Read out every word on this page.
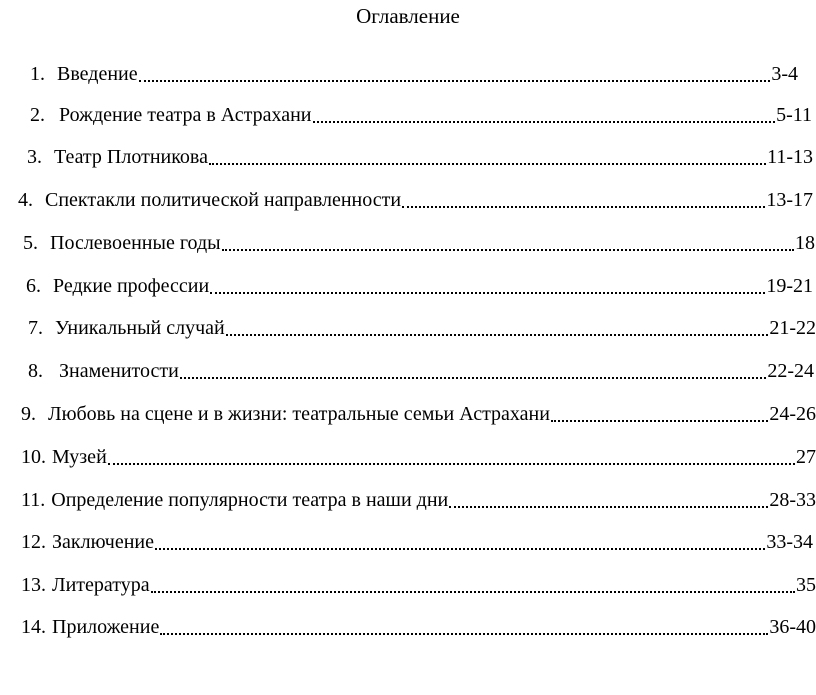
Оглавление
1. Введение	3-4
2. Рождение театра в Астрахани	5-11
3. Театр Плотникова	11-13
4. Спектакли политической направленности	13-17
5. Послевоенные годы	18
6. Редкие профессии	19-21
7. Уникальный случай	21-22
8. Знаменитости	22-24
9. Любовь на сцене и в жизни: театральные семьи Астрахани	24-26
10. Музей	27
11. Определение популярности театра в наши дни	28-33
12. Заключение	33-34
13. Литература	35
14. Приложение	36-40
